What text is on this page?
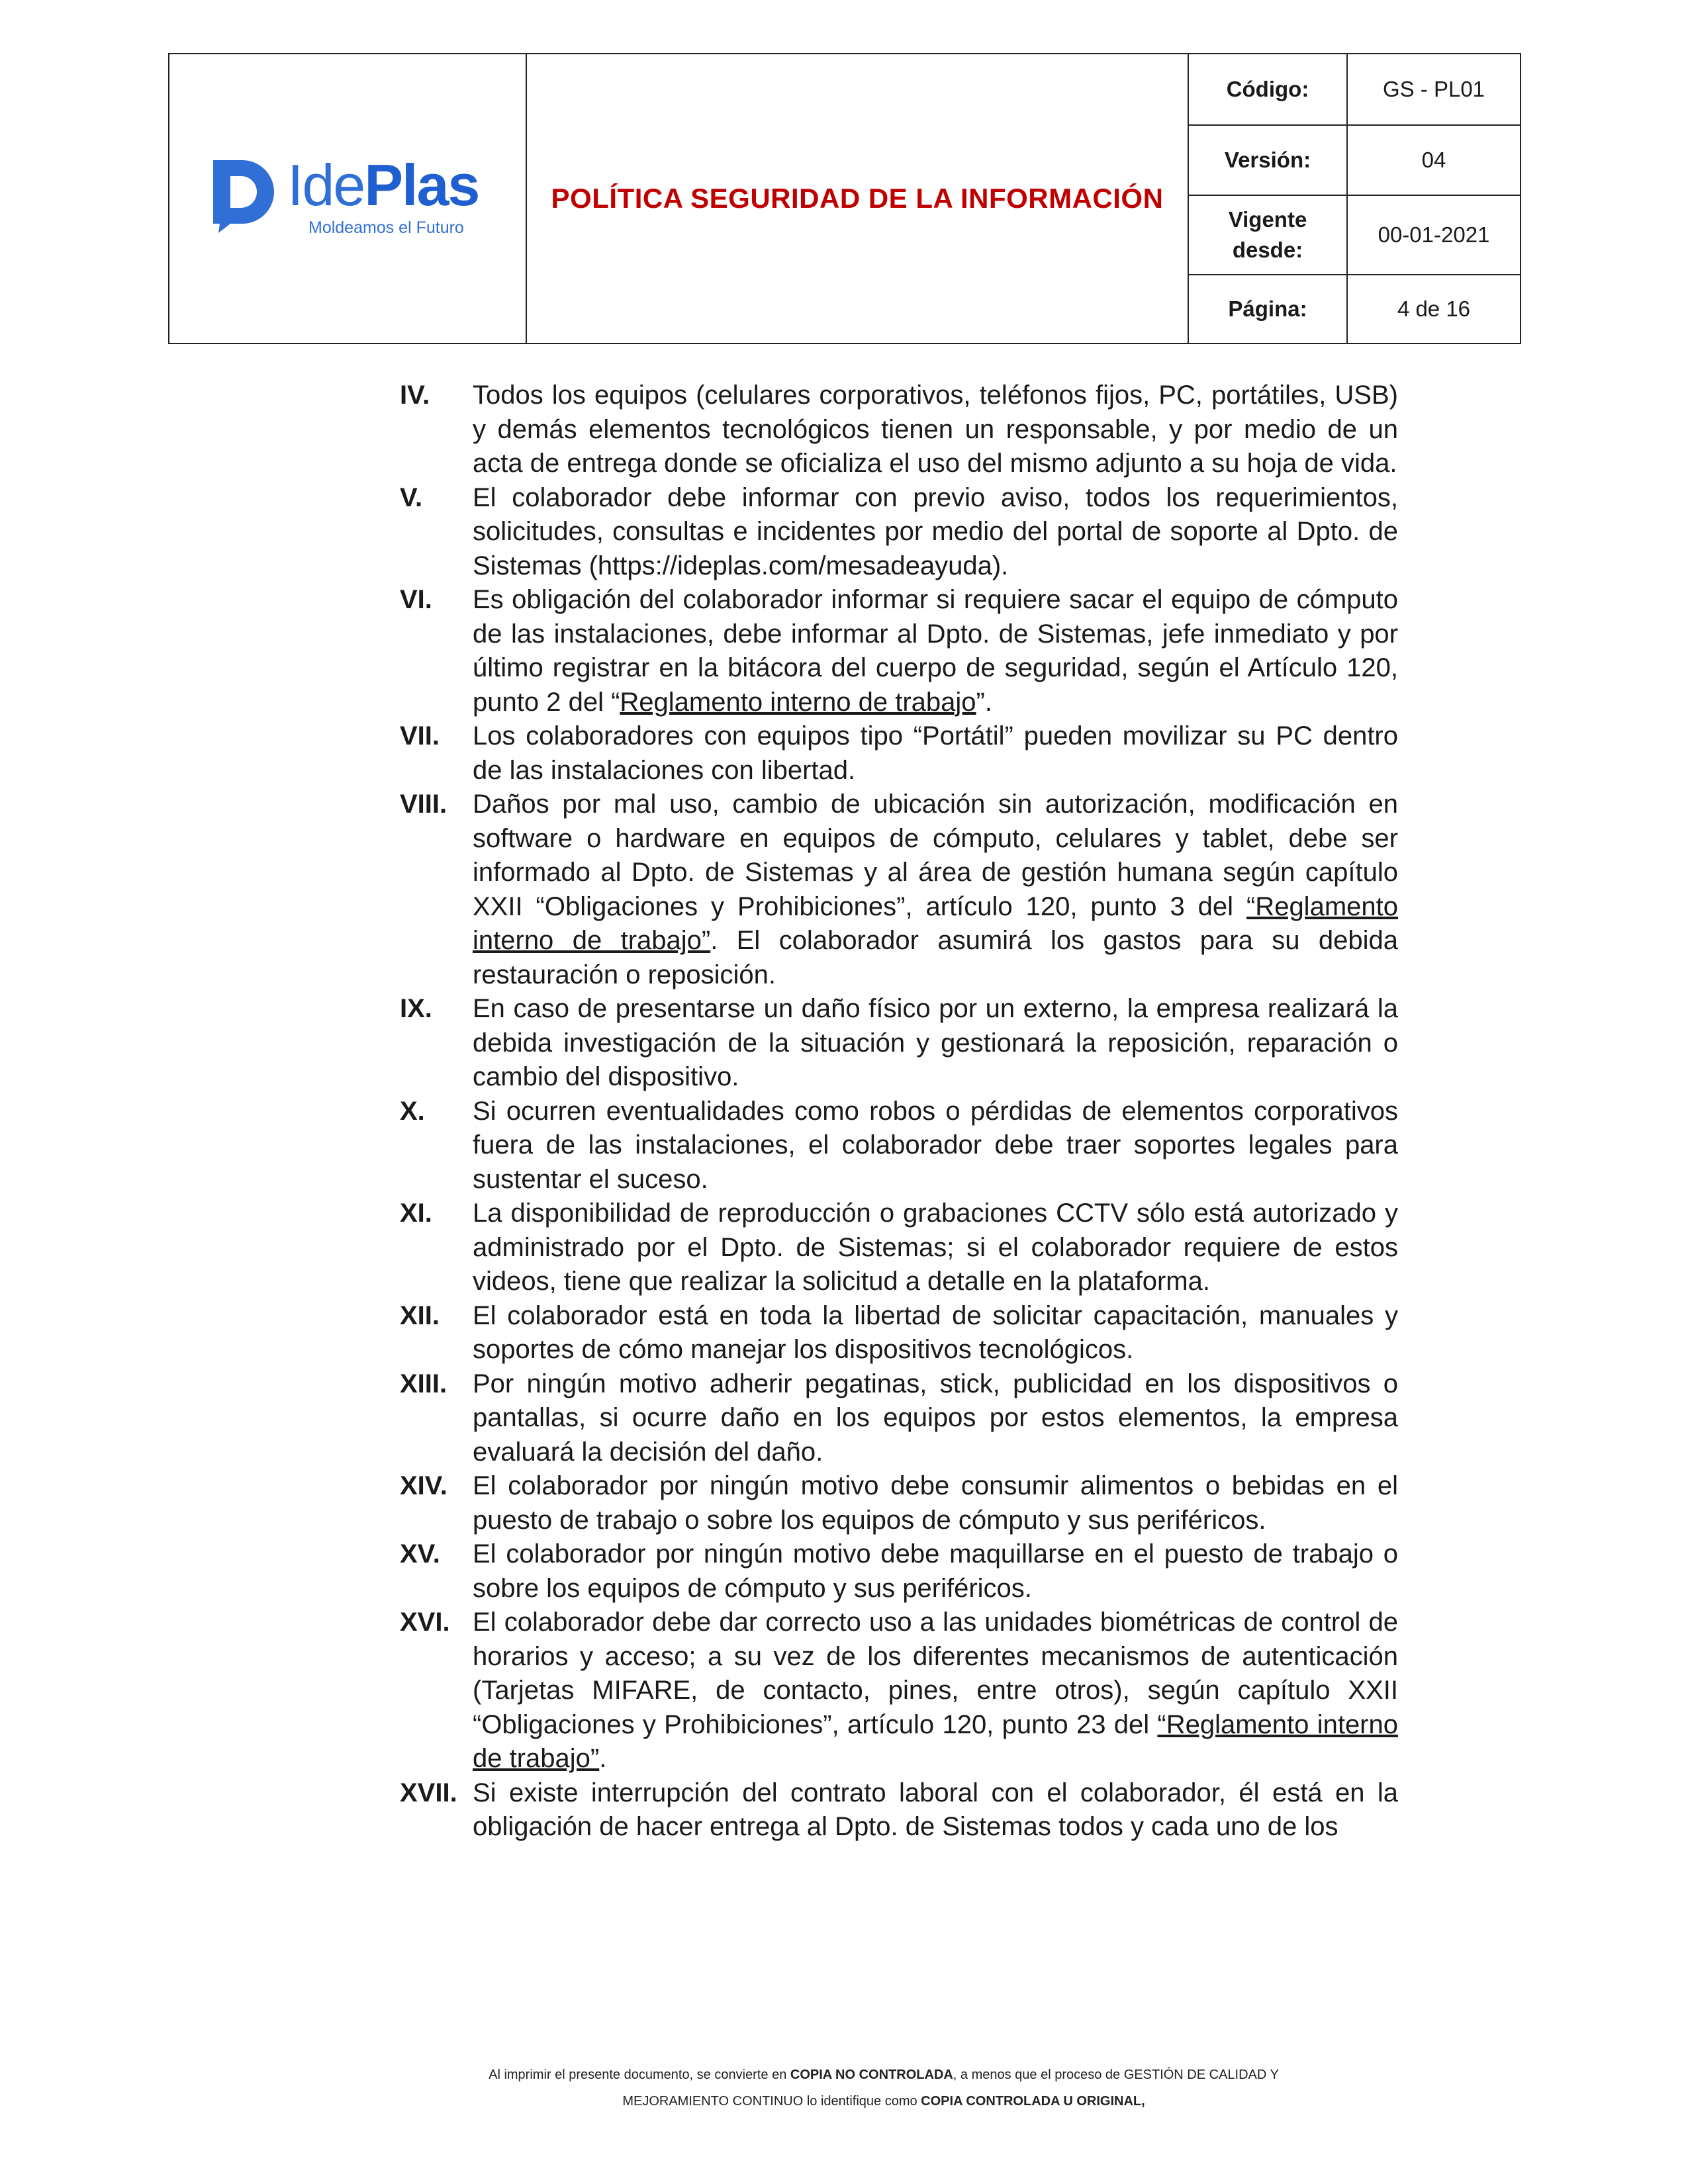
IdePlas
Moldeamos el Futuro
POLÍTICA SEGURIDAD DE LA INFORMACIÓN
Código:	GS - PL01
Versión:	04
Vigente desde:
00-01-2021
Página:	4 de 16
IV. Todos los equipos (celulares corporativos, teléfonos fijos, PC, portátiles, USB) y demás elementos tecnológicos tienen un responsable, y por medio de un acta de entrega donde se oficializa el uso del mismo adjunto a su hoja de vida.
V. El colaborador debe informar con previo aviso, todos los requerimientos, solicitudes, consultas e incidentes por medio del portal de soporte al Dpto. de Sistemas (https://ideplas.com/mesadeayuda).
VI. Es obligación del colaborador informar si requiere sacar el equipo de cómputo de las instalaciones, debe informar al Dpto. de Sistemas, jefe inmediato y por último registrar en la bitácora del cuerpo de seguridad, según el Artículo 120, punto 2 del “Reglamento interno de trabajo”.
VII. Los colaboradores con equipos tipo “Portátil” pueden movilizar su PC dentro de las instalaciones con libertad.
VIII. Daños por mal uso, cambio de ubicación sin autorización, modificación en software o hardware en equipos de cómputo, celulares y tablet, debe ser informado al Dpto. de Sistemas y al área de gestión humana según capítulo XXII “Obligaciones y Prohibiciones”, artículo 120, punto 3 del “Reglamento interno de trabajo”. El colaborador asumirá los gastos para su debida restauración o reposición.
IX. En caso de presentarse un daño físico por un externo, la empresa realizará la debida investigación de la situación y gestionará la reposición, reparación o cambio del dispositivo.
X. Si ocurren eventualidades como robos o pérdidas de elementos corporativos fuera de las instalaciones, el colaborador debe traer soportes legales para sustentar el suceso.
XI. La disponibilidad de reproducción o grabaciones CCTV sólo está autorizado y administrado por el Dpto. de Sistemas; si el colaborador requiere de estos videos, tiene que realizar la solicitud a detalle en la plataforma.
XII. El colaborador está en toda la libertad de solicitar capacitación, manuales y soportes de cómo manejar los dispositivos tecnológicos.
XIII. Por ningún motivo adherir pegatinas, stick, publicidad en los dispositivos o pantallas, si ocurre daño en los equipos por estos elementos, la empresa evaluará la decisión del daño.
XIV. El colaborador por ningún motivo debe consumir alimentos o bebidas en el puesto de trabajo o sobre los equipos de cómputo y sus periféricos.
XV. El colaborador por ningún motivo debe maquillarse en el puesto de trabajo o sobre los equipos de cómputo y sus periféricos.
XVI. El colaborador debe dar correcto uso a las unidades biométricas de control de horarios y acceso; a su vez de los diferentes mecanismos de autenticación (Tarjetas MIFARE, de contacto, pines, entre otros), según capítulo XXII “Obligaciones y Prohibiciones”, artículo 120, punto 23 del “Reglamento interno de trabajo”.
XVII. Si existe interrupción del contrato laboral con el colaborador, él está en la obligación de hacer entrega al Dpto. de Sistemas todos y cada uno de los
Al imprimir el presente documento, se convierte en COPIA NO CONTROLADA, a menos que el proceso de GESTIÓN DE CALIDAD Y
MEJORAMIENTO CONTINUO lo identifique como COPIA CONTROLADA U ORIGINAL,
